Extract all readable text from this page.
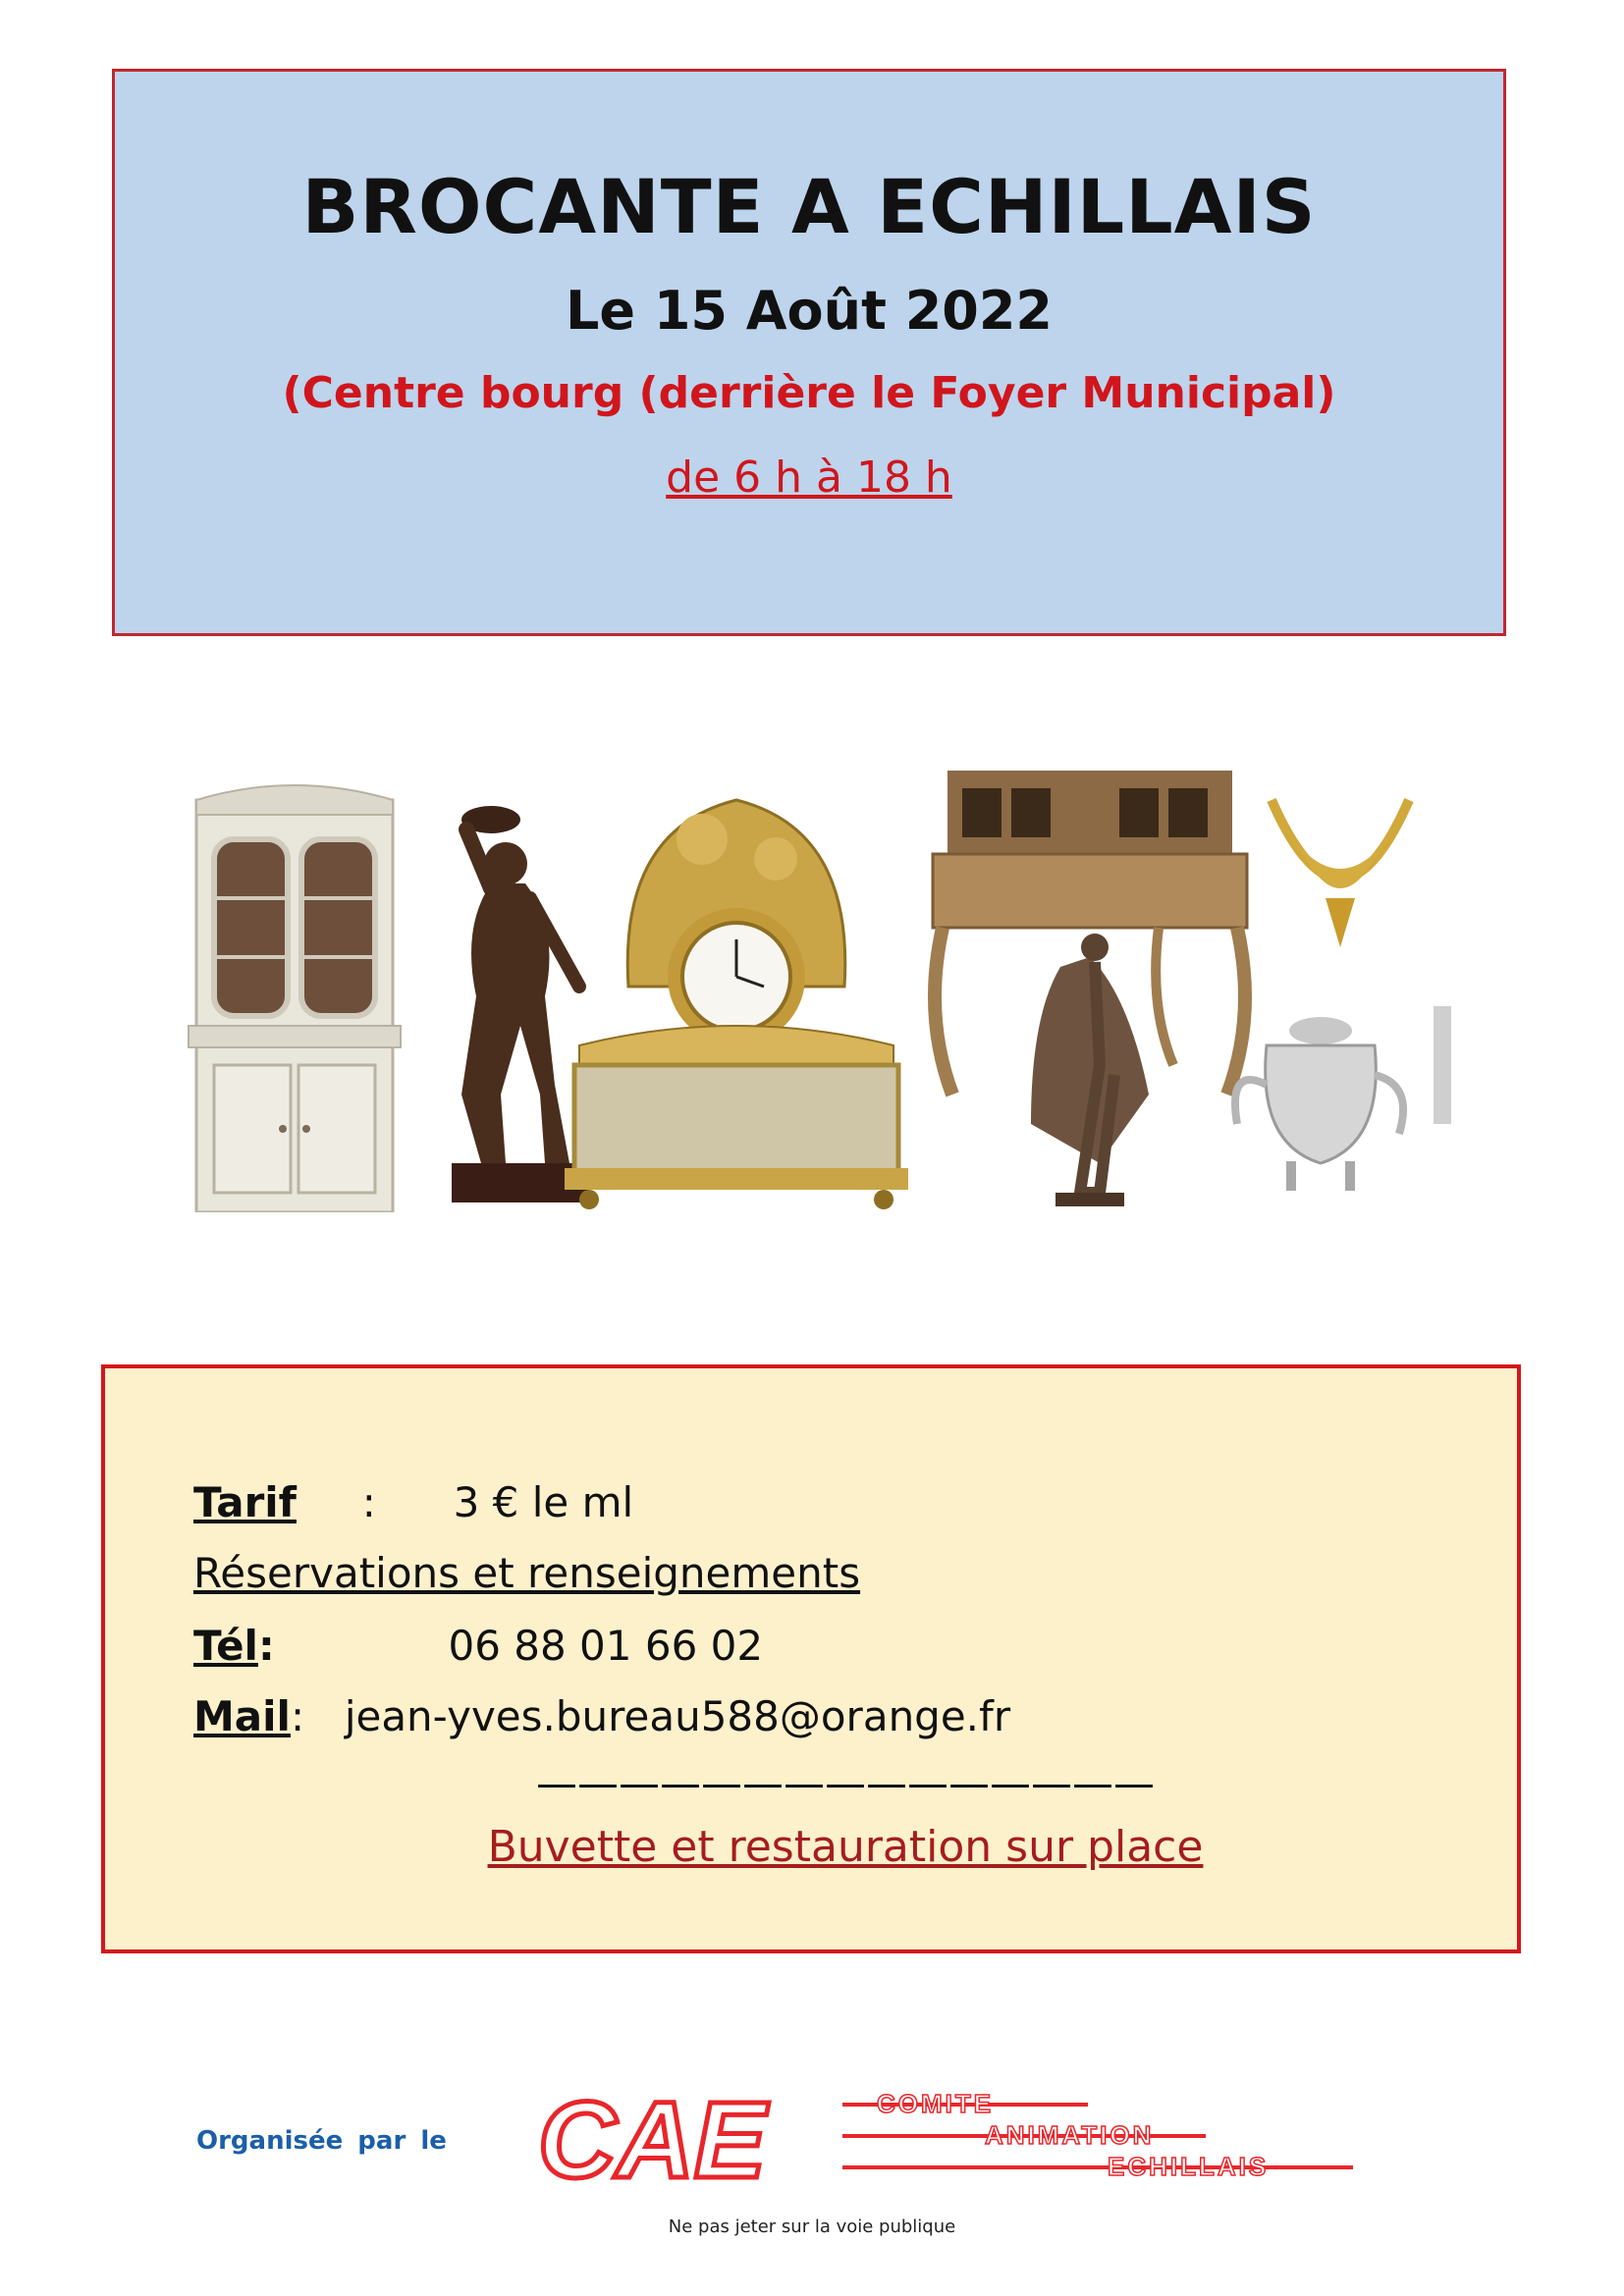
BROCANTE A ECHILLAIS
Le 15 Août 2022
(Centre bourg (derrière le Foyer Municipal)
de 6 h à 18 h
Tarif : 3 € le ml
Réservations et renseignements
Tél:	06 88 01 66 02
Mail: jean-yves.bureau588@orange.fr
———————————————
Buvette et restauration sur place
Organisée par le CAE	COMITE
ANIMATION
ECHILLAIS
Ne pas jeter sur la voie publique
